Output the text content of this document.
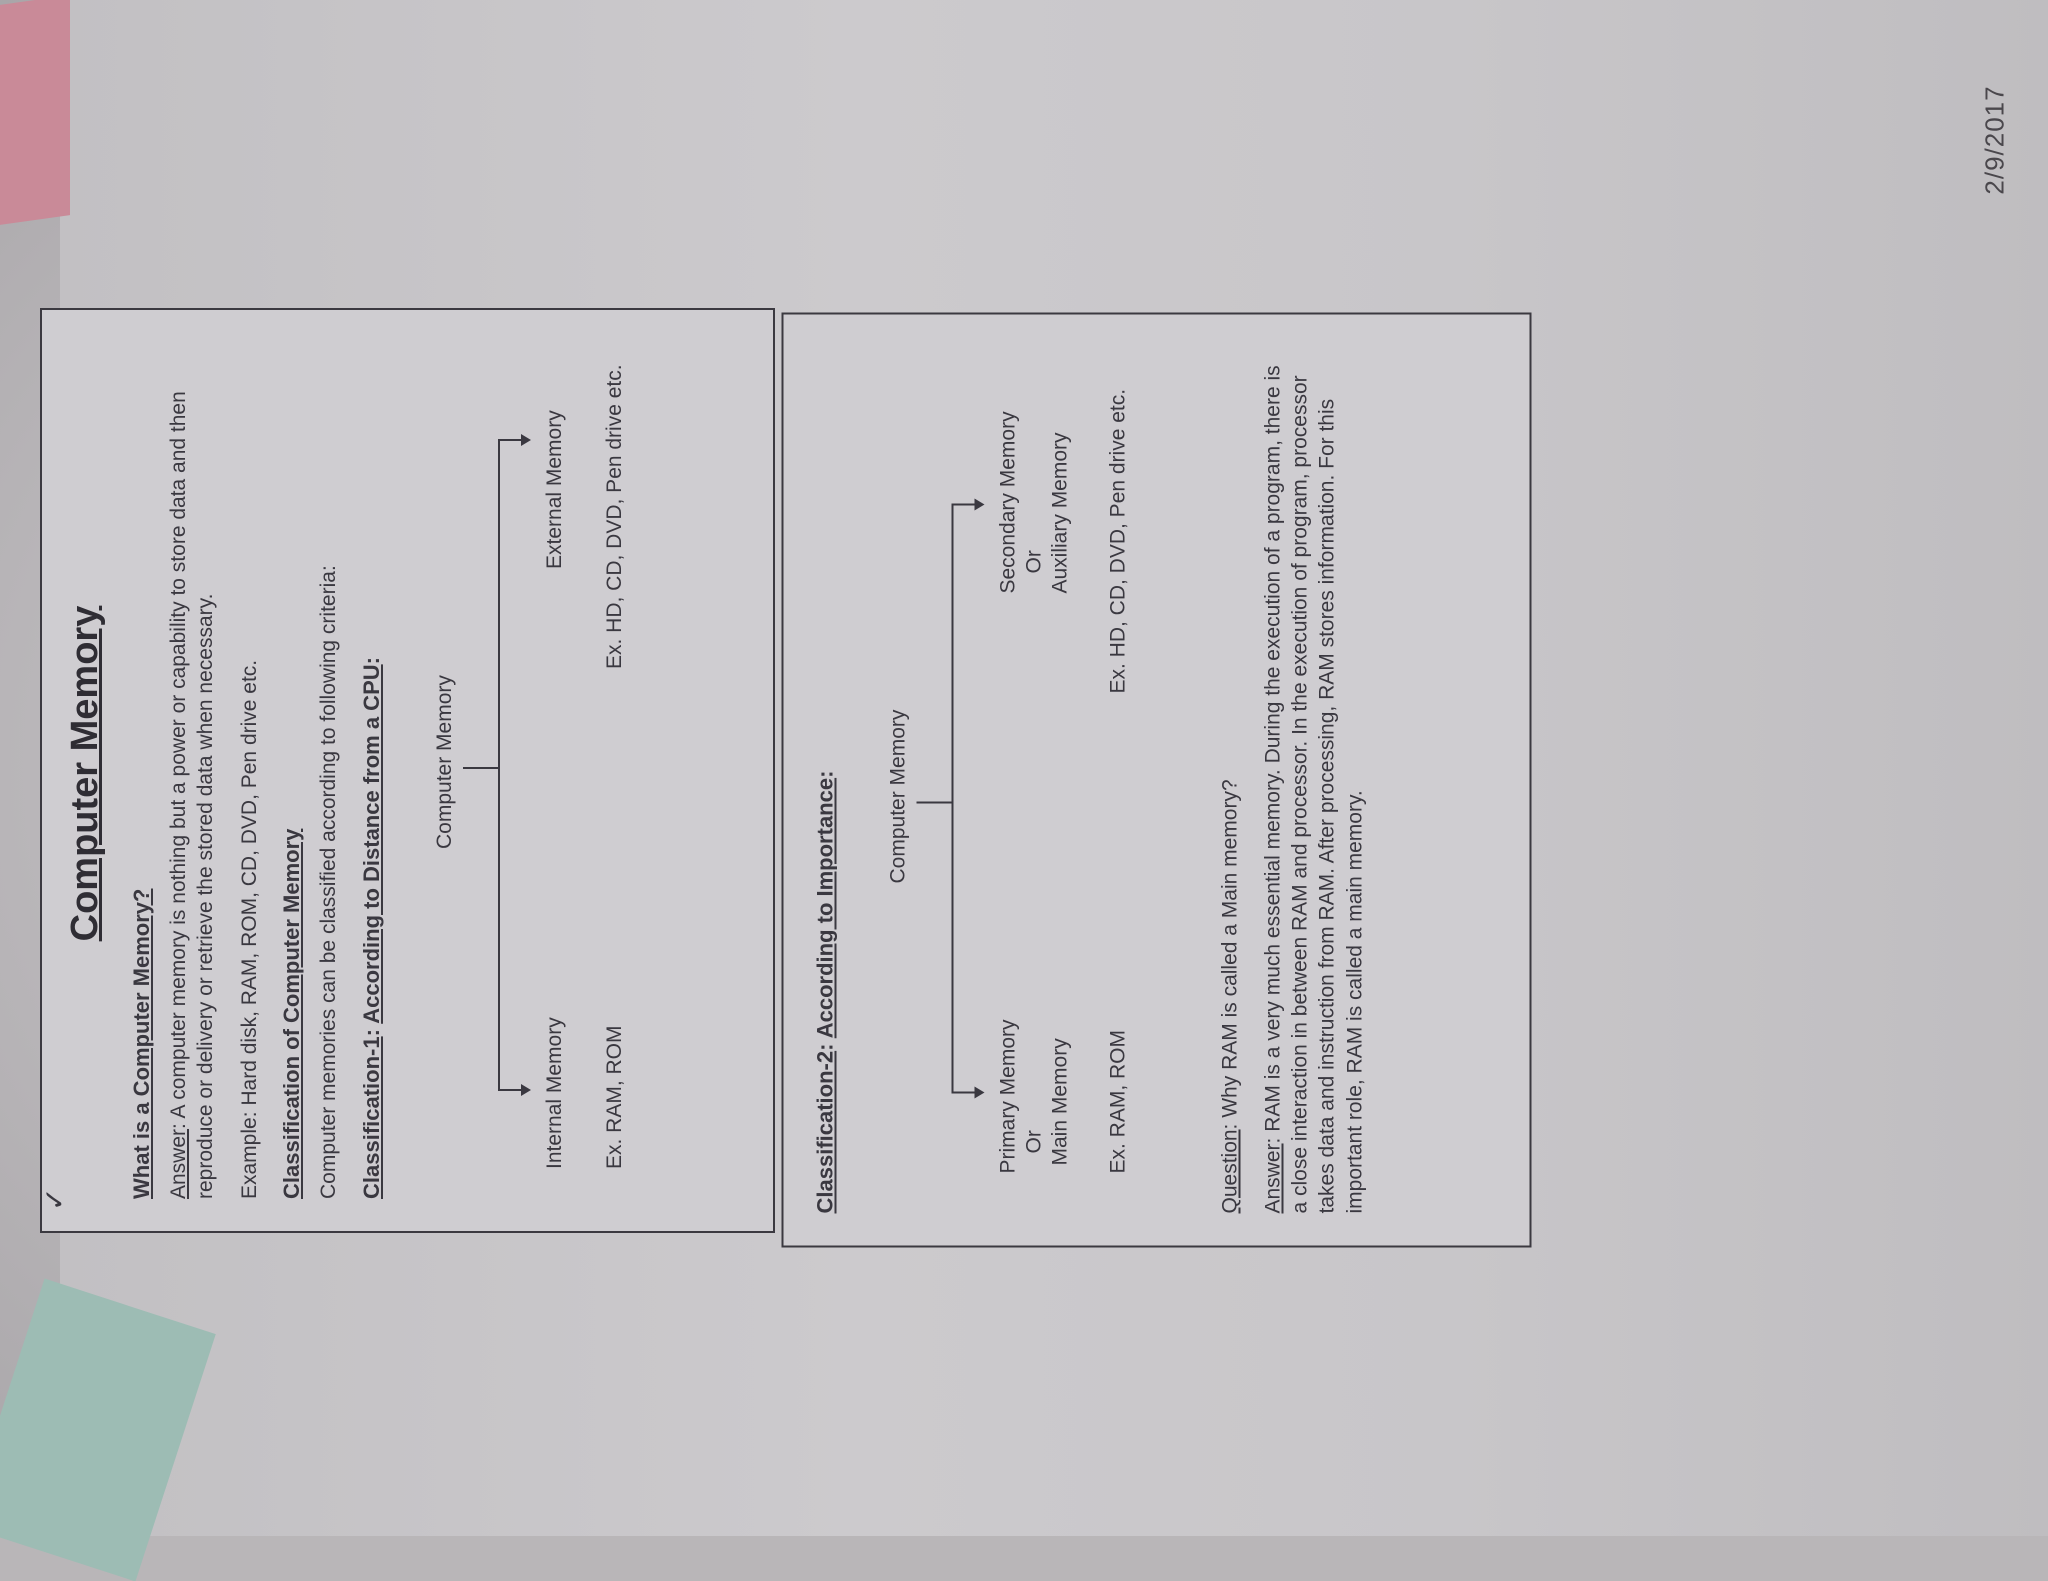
2/9/2017
Computer Memory
What is a Computer Memory? Answer: A computer memory is nothing but a power or capability to store data and then reproduce or delivery or retrieve the stored data when necessary. Example: Hard disk, RAM, ROM, CD, DVD, Pen drive etc. Classification of Computer Memory Computer memories can be classified according to following criteria: Classification-1: According to Distance from a CPU:

Computer Memory
Internal Memory
External Memory
Ex. RAM, ROM
Ex. HD, CD, DVD, Pen drive etc.
✓	Classification-2: According to Importance: Computer Memory
Primary Memory Or Main Memory
Secondary Memory Or Auxiliary Memory
Ex. RAM, ROM
Ex. HD, CD, DVD, Pen drive etc.

Question: Why RAM is called a Main memory?

Answer: RAM is a very much essential memory. During the execution of a program, there is a close interaction in between RAM and processor. In the execution of program, processor takes data and instruction from RAM. After processing, RAM stores information. For this important role, RAM is called a main memory.
